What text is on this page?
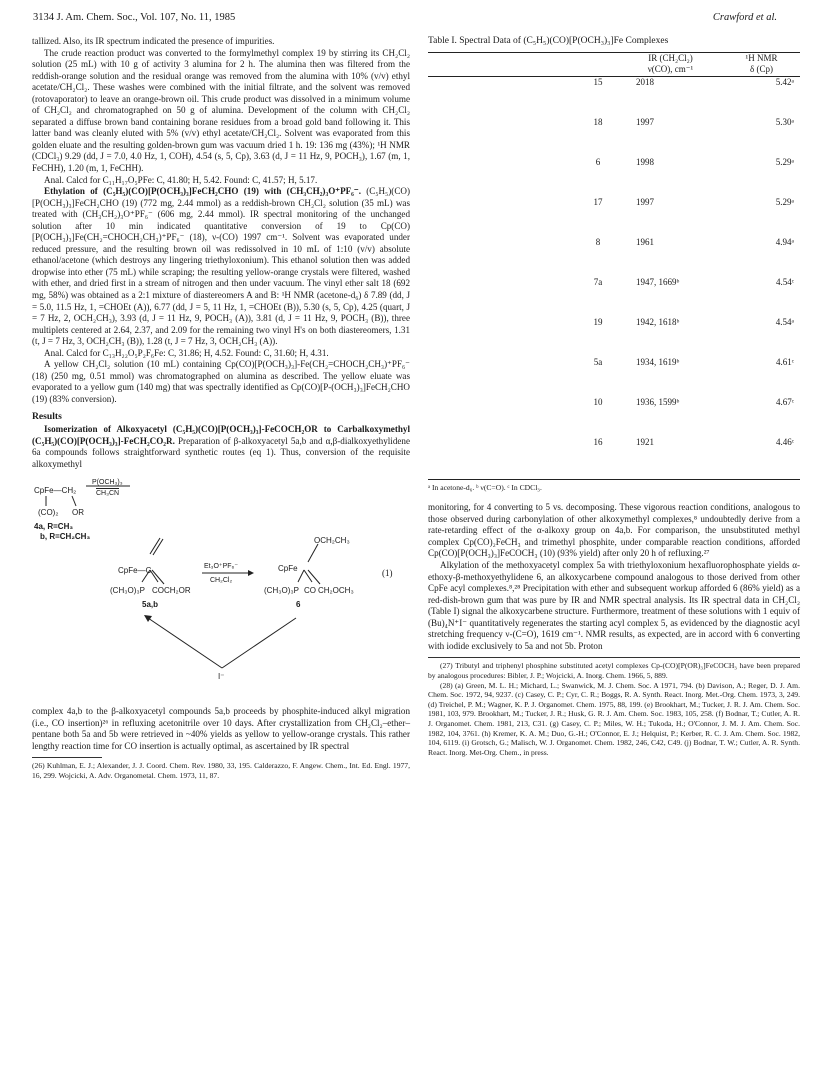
3134 J. Am. Chem. Soc., Vol. 107, No. 11, 1985	Crawford et al.

tallized. Also, its IR spectrum indicated the presence of impurities.

The crude reaction product was converted to the formylmethyl complex 19 by stirring its CH₂Cl₂ solution (25 mL) with 10 g of activity 3 alumina for 2 h. The alumina then was filtered from the reddish-orange solution and the residual orange was removed from the alumina with 10% (v/v) ethyl acetate/CH₂Cl₂. These washes were combined with the initial filtrate, and the solvent was removed (rotovaporator) to leave an orange-brown oil. This crude product was dissolved in a minimum volume of CH₂Cl₂ and chromatographed on 50 g of alumina. Development of the column with CH₂Cl₂ separated a diffuse brown band containing borane residues from a broad gold band following it. This latter band was cleanly eluted with 5% (v/v) ethyl acetate/CH₂Cl₂. Solvent was evaporated from this golden eluate and the resulting golden-brown gum was vacuum dried 1 h. 19: 136 mg (43%); ¹H NMR (CDCl₃) 9.29 (dd, J = 7.0, 4.0 Hz, 1, COH), 4.54 (s, 5, Cp), 3.63 (d, J = 11 Hz, 9, POCH₃), 1.67 (m, 1, FeCHH), 1.20 (m, 1, FeCHH).

Anal. Calcd for C₁₁H₁₇O₅PFe: C, 41.80; H, 5.42. Found: C, 41.57; H, 5.17.

Ethylation of (C₅H₅)(CO)[P(OCH₃)₃]FeCH₂CHO (19) with (CH₃CH₂)₃O⁺PF₆⁻. (C₅H₅)(CO)[P(OCH₃)₃]FeCH₂CHO (19) (772 mg, 2.44 mmol) as a reddish-brown CH₂Cl₂ solution (35 mL) was treated with (CH₃CH₂)₃O⁺PF₆⁻ (606 mg, 2.44 mmol). IR spectral monitoring of the unchanged solution after 10 min indicated quantitative conversion of 19 to Cp(CO)[P(OCH₃)₃]Fe(CH₂=CHOCH₂CH₃)⁺PF₆⁻ (18), ν-(CO) 1997 cm⁻¹. Solvent was evaporated under reduced pressure, and the resulting brown oil was redissolved in 10 mL of 1:10 (v/v) absolute ethanol/acetone (which destroys any lingering triethyloxonium). This ethanol solution then was added dropwise into ether (75 mL) while scraping; the resulting yellow-orange crystals were filtered, washed with ether, and dried first in a stream of nitrogen and then under vacuum. The vinyl ether salt 18 (692 mg, 58%) was obtained as a 2:1 mixture of diastereomers A and B: ¹H NMR (acetone-d₆) δ 7.89 (dd, J = 5.0, 11.5 Hz, 1, =CHOEt (A)), 6.77 (dd, J = 5, 11 Hz, 1, =CHOEt (B)), 5.30 (s, 5, Cp), 4.25 (quart, J = 7 Hz, 2, OCH₂CH₃), 3.93 (d, J = 11 Hz, 9, POCH₃ (A)), 3.81 (d, J = 11 Hz, 9, POCH₃ (B)), three multiplets centered at 2.64, 2.37, and 2.09 for the remaining two vinyl H's on both diastereomers, 1.31 (t, J = 7 Hz, 3, OCH₂CH₃ (B)), 1.28 (t, J = 7 Hz, 3, OCH₂CH₃ (A)).

Anal. Calcd for C₁₃H₂₂O₅P₂F₆Fe: C, 31.86; H, 4.52. Found: C, 31.60; H, 4.31.

A yellow CH₂Cl₂ solution (10 mL) containing Cp(CO)[P(OCH₃)₃]-Fe(CH₂=CHOCH₂CH₃)⁺PF₆⁻ (18) (250 mg, 0.51 mmol) was chromatographed on alumina as described. The yellow eluate was evaporated to a yellow gum (140 mg) that was spectrally identified as Cp(CO)[P-(OCH₃)₃]FeCH₂CHO (19) (83% conversion).

Results

Isomerization of Alkoxyacetyl (C₅H₅)(CO)[P(OCH₃)₃]-FeCOCH₂OR to Carbalkoxymethyl (C₅H₅)(CO)[P(OCH₃)₃]-FeCH₂CO₂R. Preparation of β-alkoxyacetyl 5a,b and α,β-dialkoxyethylidene 6a compounds follows straightforward synthetic routes (eq 1). Thus, conversion of the requisite alkoxymethyl

P(OCH₃)₃
CH₃CN
CpFe—CH₂
(CO)₂ OR
4a, R=CH₃
b, R=CH₂CH₃
CpFe—C
(CH₃O)₃P CO CH₂OR
5a,b
Et₃O⁺PF₆⁻
CH₂Cl₂
CpFe
OCH₂CH₃
(CH₃O)₃P CO CH₂OCH₃
6
(1)
I⁻

complex 4a,b to the β-alkoxyacetyl compounds 5a,b proceeds by phosphite-induced alkyl migration (i.e., CO insertion)²⁶ in refluxing acetonitrile over 10 days. After crystallization from CH₂Cl₂–ether–pentane both 5a and 5b were retrieved in ~40% yields as yellow to yellow-orange crystals. This rather lengthy reaction time for CO insertion is actually optimal, as ascertained by IR spectral

(26) Kuhlman, E. J.; Alexander, J. J. Coord. Chem. Rev. 1980, 33, 195. Calderazzo, F. Angew. Chem., Int. Ed. Engl. 1977, 16, 299. Wojcicki, A. Adv. Organometal. Chem. 1973, 11, 87.

Table I. Spectral Data of (C₅H₅)(CO)[P(OCH₃)₃]Fe Complexes

		IR (CH₂Cl₂)
ν(CO), cm⁻¹	¹H NMR
δ (Cp)

	15	2018	5.42ᵃ

	18	1997	5.30ᵃ

	6	1998	5.29ᵃ

	17	1997	5.29ᵃ

	8	1961	4.94ᵃ

	7a	1947, 1669ᵇ	4.54ᶜ

	19	1942, 1618ᵇ	4.54ᵃ

	5a	1934, 1619ᵇ	4.61ᶜ

	10	1936, 1599ᵇ	4.67ᶜ

	16	1921	4.46ᶜ
ᵃ In acetone-d₆. ᵇ ν(C=O). ᶜ In CDCl₃.

monitoring, for 4 converting to 5 vs. decomposing. These vigorous reaction conditions, analogous to those observed during carbonylation of other alkoxymethyl complexes,⁸ undoubtedly derive from a rate-retarding effect of the α-alkoxy group on 4a,b. For comparison, the unsubstituted methyl complex Cp(CO)₂FeCH₃ and trimethyl phosphite, under comparable reaction conditions, afforded Cp(CO)[P(OCH₃)₃]FeCOCH₃ (10) (93% yield) after only 20 h of refluxing.²⁷

Alkylation of the methoxyacetyl complex 5a with triethyloxonium hexafluorophosphate yields α-ethoxy-β-methoxyethylidene 6, an alkoxycarbene compound analogous to those derived from other CpFe acyl complexes.⁸,²⁸ Precipitation with ether and subsequent workup afforded 6 (86% yield) as a red-dish-brown gum that was pure by IR and NMR spectral analysis. Its IR spectral data in CH₂Cl₂ (Table I) signal the alkoxycarbene structure. Furthermore, treatment of these solutions with 1 equiv of (Bu)₄N⁺I⁻ quantitatively regenerates the starting acyl complex 5, as evidenced by the diagnostic acyl stretching frequency ν-(C=O), 1619 cm⁻¹. NMR results, as expected, are in accord with 6 converting with iodide exclusively to 5a and not 5b. Proton

(27) Tributyl and triphenyl phosphine substituted acetyl complexes Cp-(CO)[P(OR)₃]FeCOCH₃ have been prepared by analogous procedures: Bibler, J. P.; Wojcicki, A. Inorg. Chem. 1966, 5, 889.

(28) (a) Green, M. L. H.; Michard, L.; Swanwick, M. J. Chem. Soc. A 1971, 794. (b) Davison, A.; Reger, D. J. Am. Chem. Soc. 1972, 94, 9237. (c) Casey, C. P.; Cyr, C. R.; Boggs, R. A. Synth. React. Inorg. Met.-Org. Chem. 1973, 3, 249. (d) Treichel, P. M.; Wagner, K. P. J. Organomet. Chem. 1975, 88, 199. (e) Brookhart, M.; Tucker, J. R. J. Am. Chem. Soc. 1981, 103, 979. Brookhart, M.; Tucker, J. R.; Husk, G. R. J. Am. Chem. Soc. 1983, 105, 258. (f) Bodnar, T.; Cutler, A. R. J. Organomet. Chem. 1981, 213, C31. (g) Casey, C. P.; Miles, W. H.; Tukoda, H.; O'Connor, J. M. J. Am. Chem. Soc. 1982, 104, 3761. (h) Kremer, K. A. M.; Duo, G.-H.; O'Connor, E. J.; Helquist, P.; Kerber, R. C. J. Am. Chem. Soc. 1982, 104, 6119. (i) Grotsch, G.; Malisch, W. J. Organomet. Chem. 1982, 246, C42, C49. (j) Bodnar, T. W.; Cutler, A. R. Synth. React. Inorg. Met-Org. Chem., in press.
